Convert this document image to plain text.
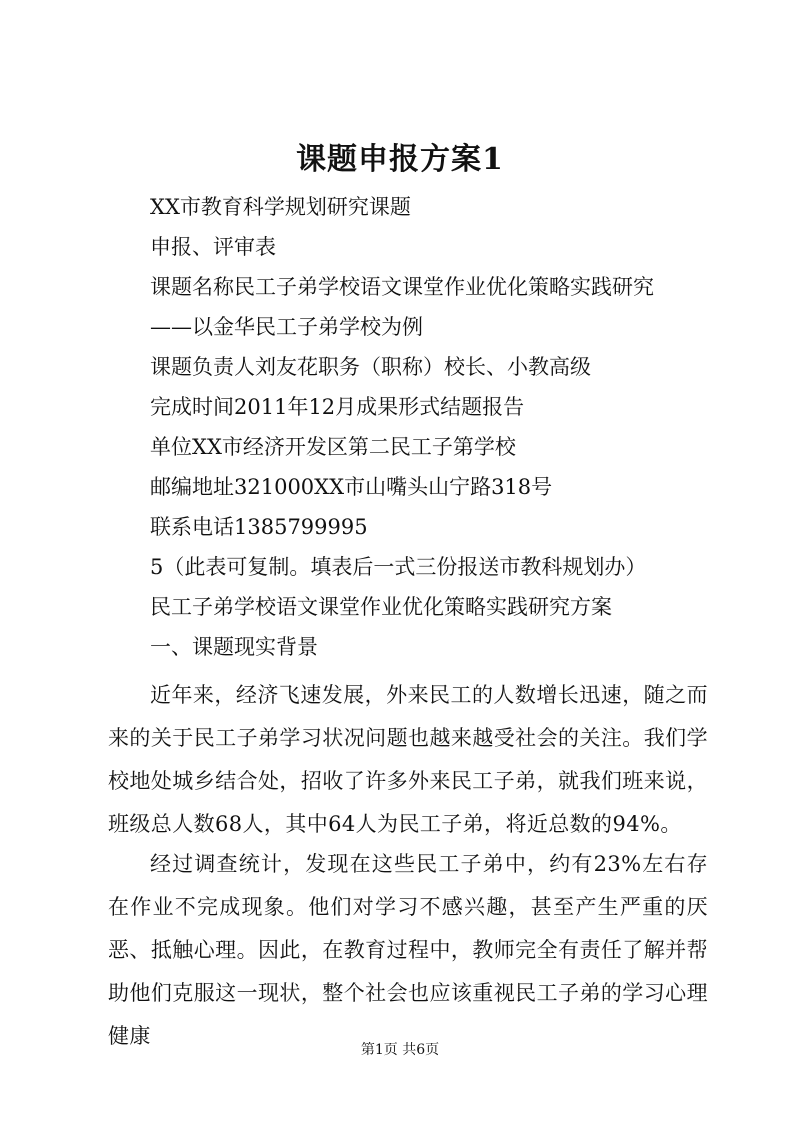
课题申报方案1
XX市教育科学规划研究课题
申报、评审表
课题名称民工子弟学校语文课堂作业优化策略实践研究
——以金华民工子弟学校为例
课题负责人刘友花职务（职称）校长、小教高级
完成时间2011年12月成果形式结题报告
单位XX市经济开发区第二民工子第学校
邮编地址321000XX市山嘴头山宁路318号
联系电话1385799995
5（此表可复制。填表后一式三份报送市教科规划办）
民工子弟学校语文课堂作业优化策略实践研究方案
一、课题现实背景

近年来，经济飞速发展，外来民工的人数增长迅速，随之而来的关于民工子弟学习状况问题也越来越受社会的关注。我们学校地处城乡结合处，招收了许多外来民工子弟，就我们班来说，班级总人数68人，其中64人为民工子弟，将近总数的94%。

经过调查统计，发现在这些民工子弟中，约有23%左右存在作业不完成现象。他们对学习不感兴趣，甚至产生严重的厌恶、抵触心理。因此，在教育过程中，教师完全有责任了解并帮助他们克服这一现状，整个社会也应该重视民工子弟的学习心理健康

第1页 共6页
